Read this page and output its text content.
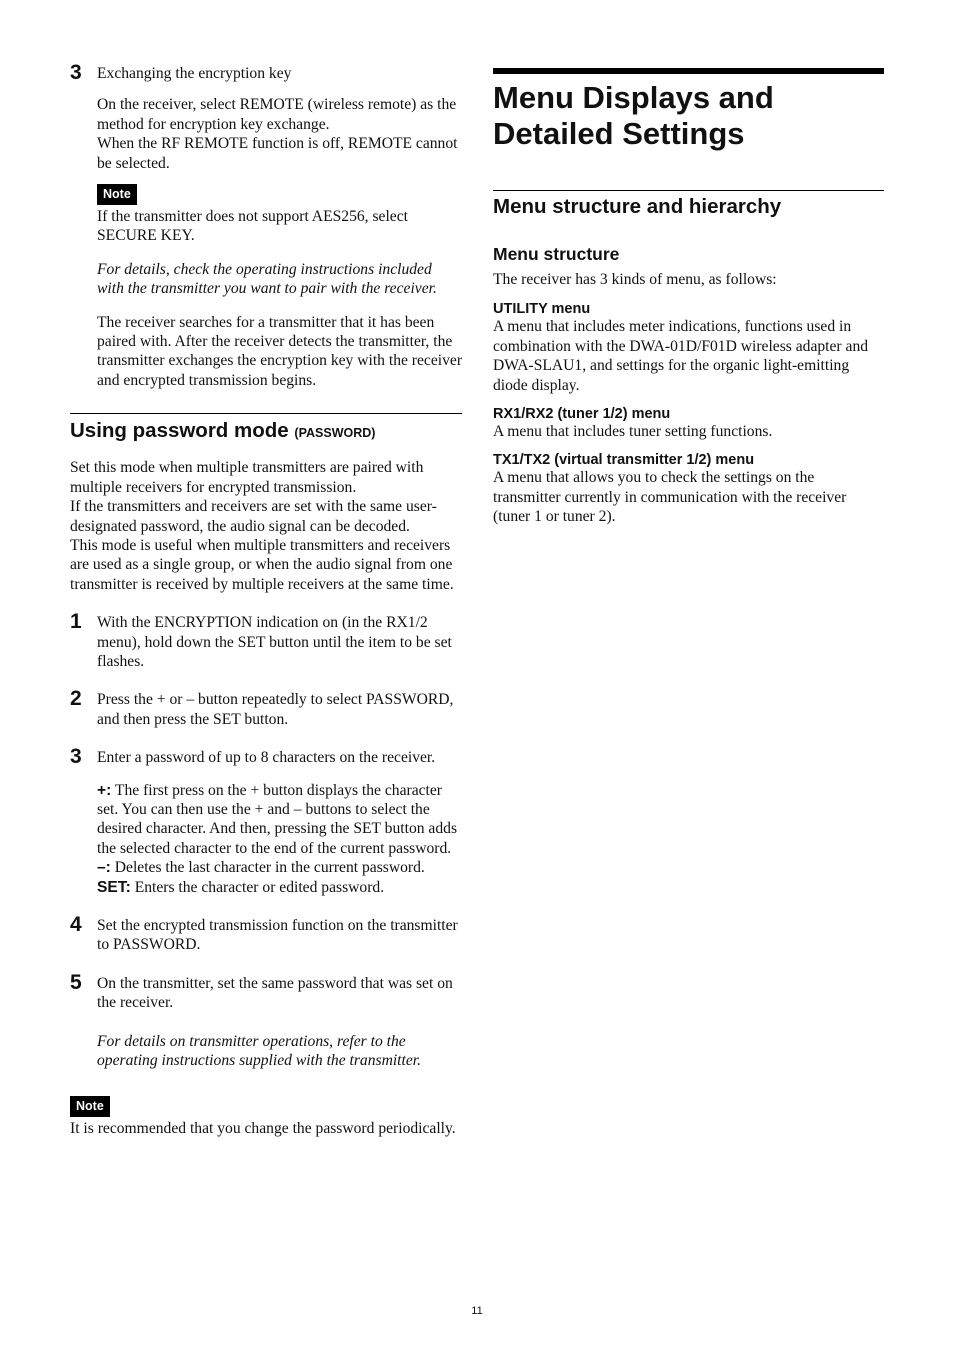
3 Exchanging the encryption key

On the receiver, select REMOTE (wireless remote) as the method for encryption key exchange.

When the RF REMOTE function is off, REMOTE cannot be selected.

Note

If the transmitter does not support AES256, select SECURE KEY.

For details, check the operating instructions included with the transmitter you want to pair with the receiver.

The receiver searches for a transmitter that it has been paired with. After the receiver detects the transmitter, the transmitter exchanges the encryption key with the receiver and encrypted transmission begins.

Using password mode (PASSWORD)

Set this mode when multiple transmitters are paired with multiple receivers for encrypted transmission.

If the transmitters and receivers are set with the same user-designated password, the audio signal can be decoded.

This mode is useful when multiple transmitters and receivers are used as a single group, or when the audio signal from one transmitter is received by multiple receivers at the same time.

1 With the ENCRYPTION indication on (in the RX1/2 menu), hold down the SET button until the item to be set flashes.

2 Press the + or – button repeatedly to select PASSWORD, and then press the SET button.

3 Enter a password of up to 8 characters on the receiver.

+: The first press on the + button displays the character set. You can then use the + and – buttons to select the desired character. And then, pressing the SET button adds the selected character to the end of the current password.

–: Deletes the last character in the current password.

SET: Enters the character or edited password.

4 Set the encrypted transmission function on the transmitter to PASSWORD.

5 On the transmitter, set the same password that was set on the receiver.

For details on transmitter operations, refer to the operating instructions supplied with the transmitter.

Note

It is recommended that you change the password periodically.

Menu Displays and
Detailed Settings
Menu structure and hierarchy
Menu structure

The receiver has 3 kinds of menu, as follows:

UTILITY menu

A menu that includes meter indications, functions used in combination with the DWA-01D/F01D wireless adapter and DWA-SLAU1, and settings for the organic light-emitting diode display.

RX1/RX2 (tuner 1/2) menu

A menu that includes tuner setting functions.

TX1/TX2 (virtual transmitter 1/2) menu

A menu that allows you to check the settings on the transmitter currently in communication with the receiver (tuner 1 or tuner 2).

11
